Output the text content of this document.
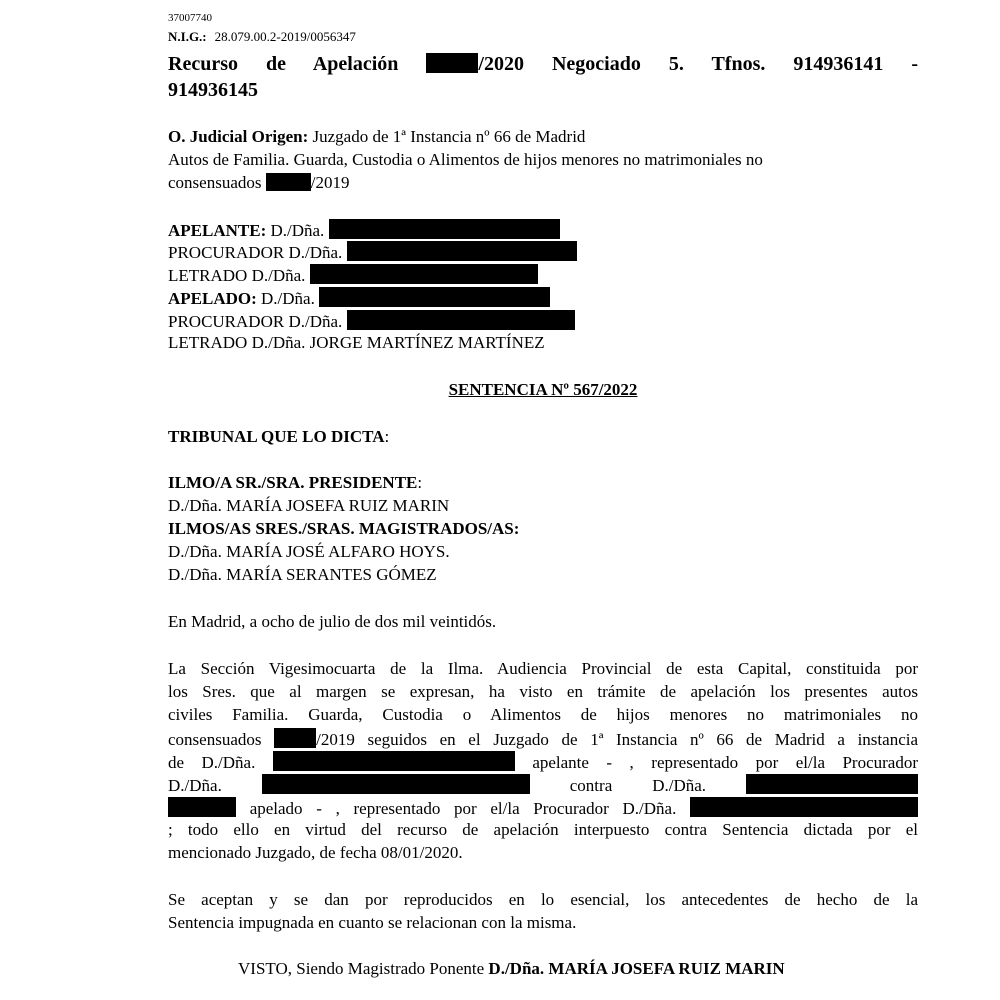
37007740
N.I.G.: 28.079.00.2-2019/0056347
Recurso de Apelación	/2020 Negociado 5. Tfnos. 914936141 -
914936145
O. Judicial Origen: Juzgado de 1ª Instancia nº 66 de Madrid
Autos de Familia. Guarda, Custodia o Alimentos de hijos menores no matrimoniales no
consensuados	/2019
APELANTE: D./Dña.
PROCURADOR D./Dña.
LETRADO D./Dña.
APELADO: D./Dña.
PROCURADOR D./Dña.
LETRADO D./Dña. JORGE MARTÍNEZ MARTÍNEZ
SENTENCIA Nº 567/2022
TRIBUNAL QUE LO DICTA:
ILMO/A SR./SRA. PRESIDENTE:
D./Dña. MARÍA JOSEFA RUIZ MARIN
ILMOS/AS SRES./SRAS. MAGISTRADOS/AS:
D./Dña. MARÍA JOSÉ ALFARO HOYS.
D./Dña. MARÍA SERANTES GÓMEZ
En Madrid, a ocho de julio de dos mil veintidós.
La Sección Vigesimocuarta de la Ilma. Audiencia Provincial de esta Capital, constituida por
los Sres. que al margen se expresan, ha visto en trámite de apelación los presentes autos
civiles Familia. Guarda, Custodia o Alimentos de hijos menores no matrimoniales no
consensuados	/2019 seguidos en el Juzgado de 1ª Instancia nº 66 de Madrid a instancia
de D./Dña.	apelante - , representado por el/la Procurador
D./Dña.	contra D./Dña.
apelado - , representado por el/la Procurador D./Dña.
; todo ello en virtud del recurso de apelación interpuesto contra Sentencia dictada por el
mencionado Juzgado, de fecha 08/01/2020.
Se aceptan y se dan por reproducidos en lo esencial, los antecedentes de hecho de la
Sentencia impugnada en cuanto se relacionan con la misma.
VISTO, Siendo Magistrado Ponente D./Dña. MARÍA JOSEFA RUIZ MARIN
